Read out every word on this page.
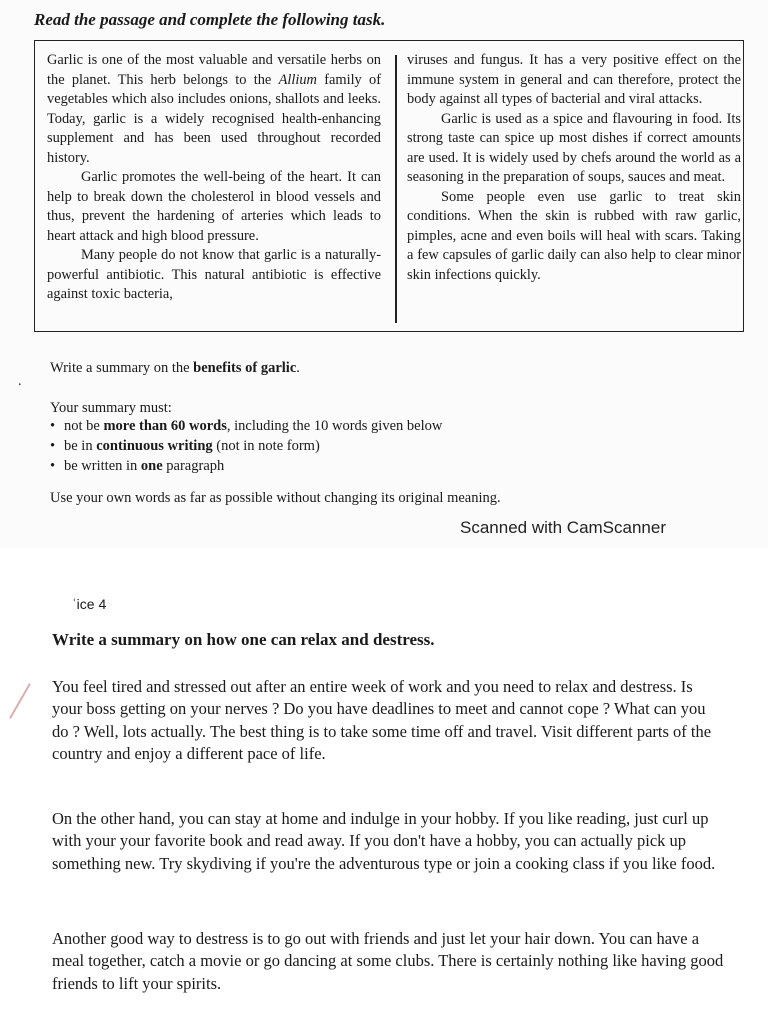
Read the passage and complete the following task.

Garlic is one of the most valuable and versatile herbs on the planet. This herb belongs to the Allium family of vegetables which also includes onions, shallots and leeks. Today, garlic is a widely recognised health-enhancing supplement and has been used throughout recorded history.

Garlic promotes the well-being of the heart. It can help to break down the cholesterol in blood vessels and thus, prevent the hardening of arteries which leads to heart attack and high blood pressure.

Many people do not know that garlic is a naturally-powerful antibiotic. This natural antibiotic is effective against toxic bacteria,

viruses and fungus. It has a very positive effect on the immune system in general and can therefore, protect the body against all types of bacterial and viral attacks.

Garlic is used as a spice and flavouring in food. Its strong taste can spice up most dishes if correct amounts are used. It is widely used by chefs around the world as a seasoning in the preparation of soups, sauces and meat.

Some people even use garlic to treat skin conditions. When the skin is rubbed with raw garlic, pimples, acne and even boils will heal with scars. Taking a few capsules of garlic daily can also help to clear minor skin infections quickly.

.

Write a summary on the benefits of garlic.

Your summary must:

• not be more than 60 words, including the 10 words given below
• be in continuous writing (not in note form)
• be written in one paragraph

Use your own words as far as possible without changing its original meaning.

Scanned with CamScanner

ʿice 4

Write a summary on how one can relax and destress.

You feel tired and stressed out after an entire week of work and you need to relax and destress. Is your boss getting on your nerves ? Do you have deadlines to meet and cannot cope ? What can you do ? Well, lots actually. The best thing is to take some time off and travel. Visit different parts of the country and enjoy a different pace of life.

On the other hand, you can stay at home and indulge in your hobby. If you like reading, just curl up with your your favorite book and read away. If you don't have a hobby, you can actually pick up something new. Try skydiving if you're the adventurous type or join a cooking class if you like food.

Another good way to destress is to go out with friends and just let your hair down. You can have a meal together, catch a movie or go dancing at some clubs. There is certainly nothing like having good friends to lift your spirits.
